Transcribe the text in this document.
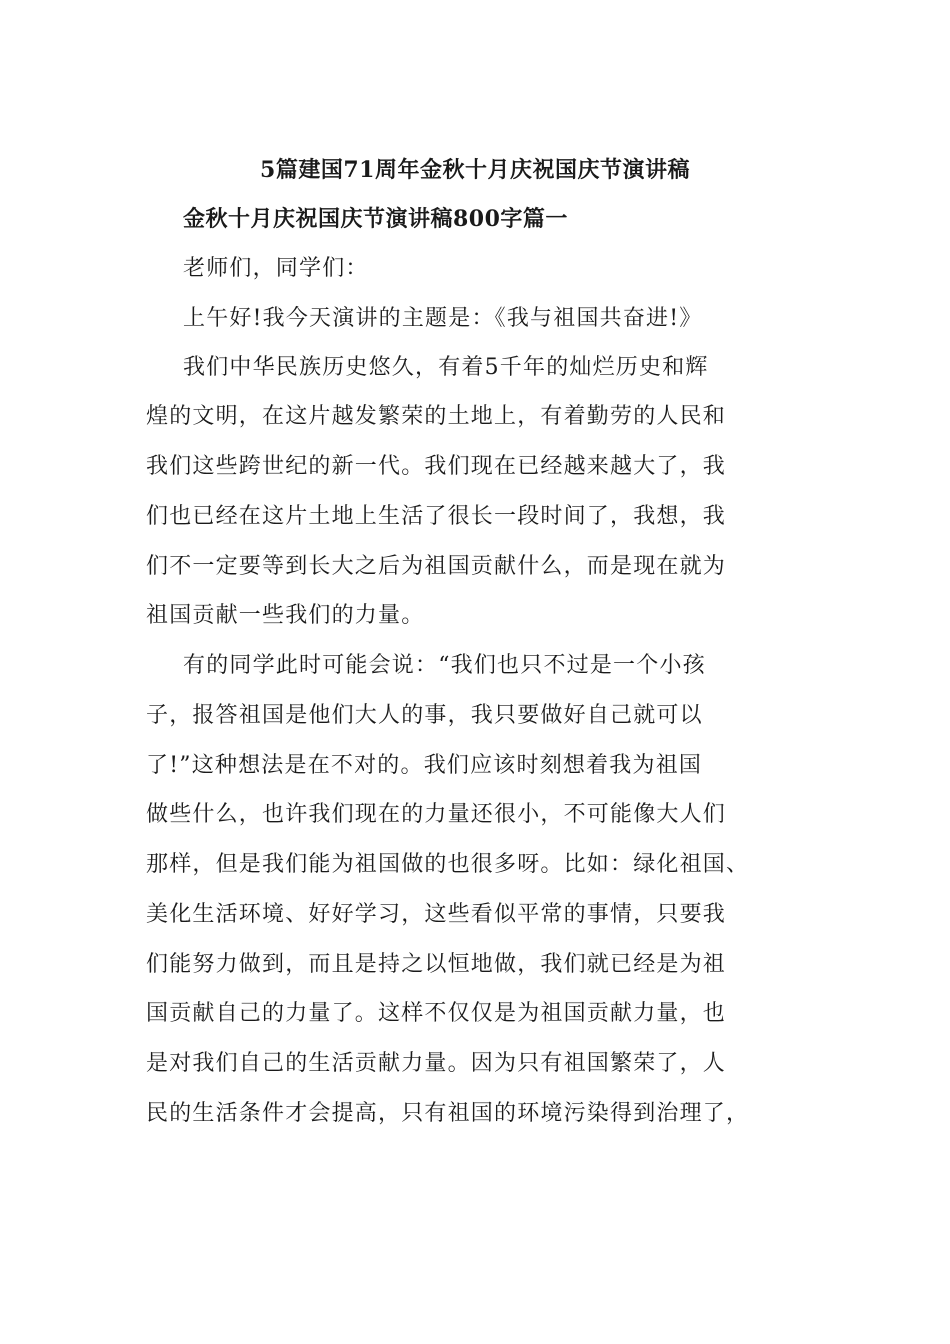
5篇建国71周年金秋十月庆祝国庆节演讲稿
金秋十月庆祝国庆节演讲稿800字篇一
老师们，同学们：
上午好!我今天演讲的主题是：《我与祖国共奋进!》
我们中华民族历史悠久，有着5千年的灿烂历史和辉
煌的文明，在这片越发繁荣的土地上，有着勤劳的人民和
我们这些跨世纪的新一代。我们现在已经越来越大了，我
们也已经在这片土地上生活了很长一段时间了，我想，我
们不一定要等到长大之后为祖国贡献什么，而是现在就为
祖国贡献一些我们的力量。
有的同学此时可能会说：“我们也只不过是一个小孩
子，报答祖国是他们大人的事，我只要做好自己就可以
了!”这种想法是在不对的。我们应该时刻想着我为祖国
做些什么，也许我们现在的力量还很小，不可能像大人们
那样，但是我们能为祖国做的也很多呀。比如：绿化祖国、
美化生活环境、好好学习，这些看似平常的事情，只要我
们能努力做到，而且是持之以恒地做，我们就已经是为祖
国贡献自己的力量了。这样不仅仅是为祖国贡献力量，也
是对我们自己的生活贡献力量。因为只有祖国繁荣了，人
民的生活条件才会提高，只有祖国的环境污染得到治理了，
